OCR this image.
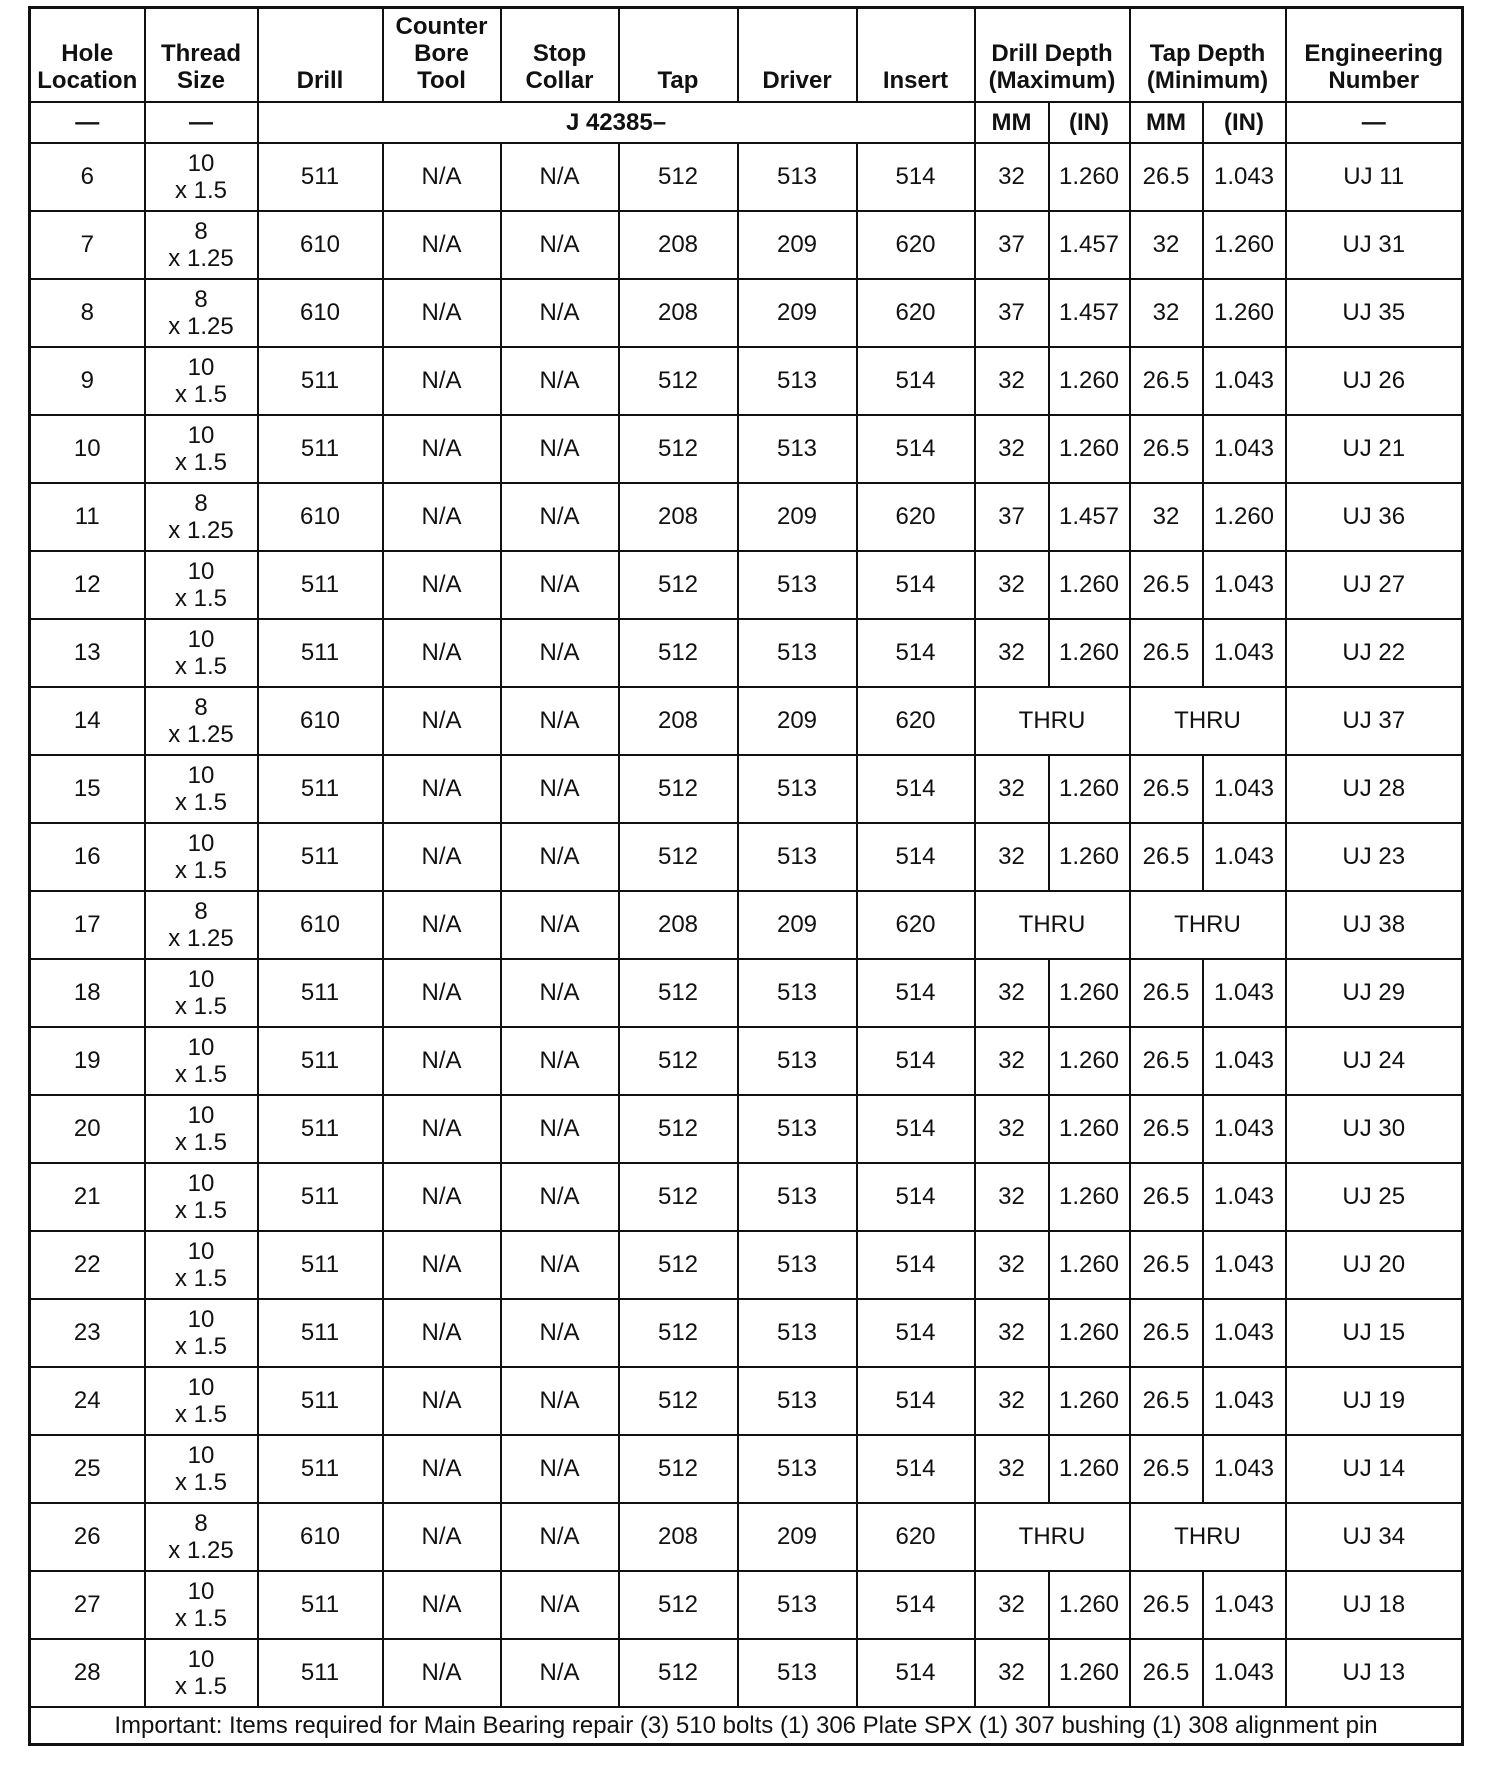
Hole
Location	Thread
Size	Drill	Counter
Bore
Tool	Stop
Collar	Tap	Driver	Insert	Drill Depth
(Maximum)		Tap Depth
(Minimum)		Engineering
Number
—	—	J 42385–						MM	(IN)	MM	(IN)	—
6	10
x 1.5	511	N/A	N/A	512	513	514	32	1.260	26.5	1.043	UJ 11
7	8
x 1.25	610	N/A	N/A	208	209	620	37	1.457	32	1.260	UJ 31
8	8
x 1.25	610	N/A	N/A	208	209	620	37	1.457	32	1.260	UJ 35
9	10
x 1.5	511	N/A	N/A	512	513	514	32	1.260	26.5	1.043	UJ 26
10	10
x 1.5	511	N/A	N/A	512	513	514	32	1.260	26.5	1.043	UJ 21
11	8
x 1.25	610	N/A	N/A	208	209	620	37	1.457	32	1.260	UJ 36
12	10
x 1.5	511	N/A	N/A	512	513	514	32	1.260	26.5	1.043	UJ 27
13	10
x 1.5	511	N/A	N/A	512	513	514	32	1.260	26.5	1.043	UJ 22
14	8
x 1.25	610	N/A	N/A	208	209	620	THRU		THRU		UJ 37
15	10
x 1.5	511	N/A	N/A	512	513	514	32	1.260	26.5	1.043	UJ 28
16	10
x 1.5	511	N/A	N/A	512	513	514	32	1.260	26.5	1.043	UJ 23
17	8
x 1.25	610	N/A	N/A	208	209	620	THRU		THRU		UJ 38
18	10
x 1.5	511	N/A	N/A	512	513	514	32	1.260	26.5	1.043	UJ 29
19	10
x 1.5	511	N/A	N/A	512	513	514	32	1.260	26.5	1.043	UJ 24
20	10
x 1.5	511	N/A	N/A	512	513	514	32	1.260	26.5	1.043	UJ 30
21	10
x 1.5	511	N/A	N/A	512	513	514	32	1.260	26.5	1.043	UJ 25
22	10
x 1.5	511	N/A	N/A	512	513	514	32	1.260	26.5	1.043	UJ 20
23	10
x 1.5	511	N/A	N/A	512	513	514	32	1.260	26.5	1.043	UJ 15
24	10
x 1.5	511	N/A	N/A	512	513	514	32	1.260	26.5	1.043	UJ 19
25	10
x 1.5	511	N/A	N/A	512	513	514	32	1.260	26.5	1.043	UJ 14
26	8
x 1.25	610	N/A	N/A	208	209	620	THRU		THRU		UJ 34
27	10
x 1.5	511	N/A	N/A	512	513	514	32	1.260	26.5	1.043	UJ 18
28	10
x 1.5	511	N/A	N/A	512	513	514	32	1.260	26.5	1.043	UJ 13
Important: Items required for Main Bearing repair (3) 510 bolts (1) 306 Plate SPX (1) 307 bushing (1) 308 alignment pin												
